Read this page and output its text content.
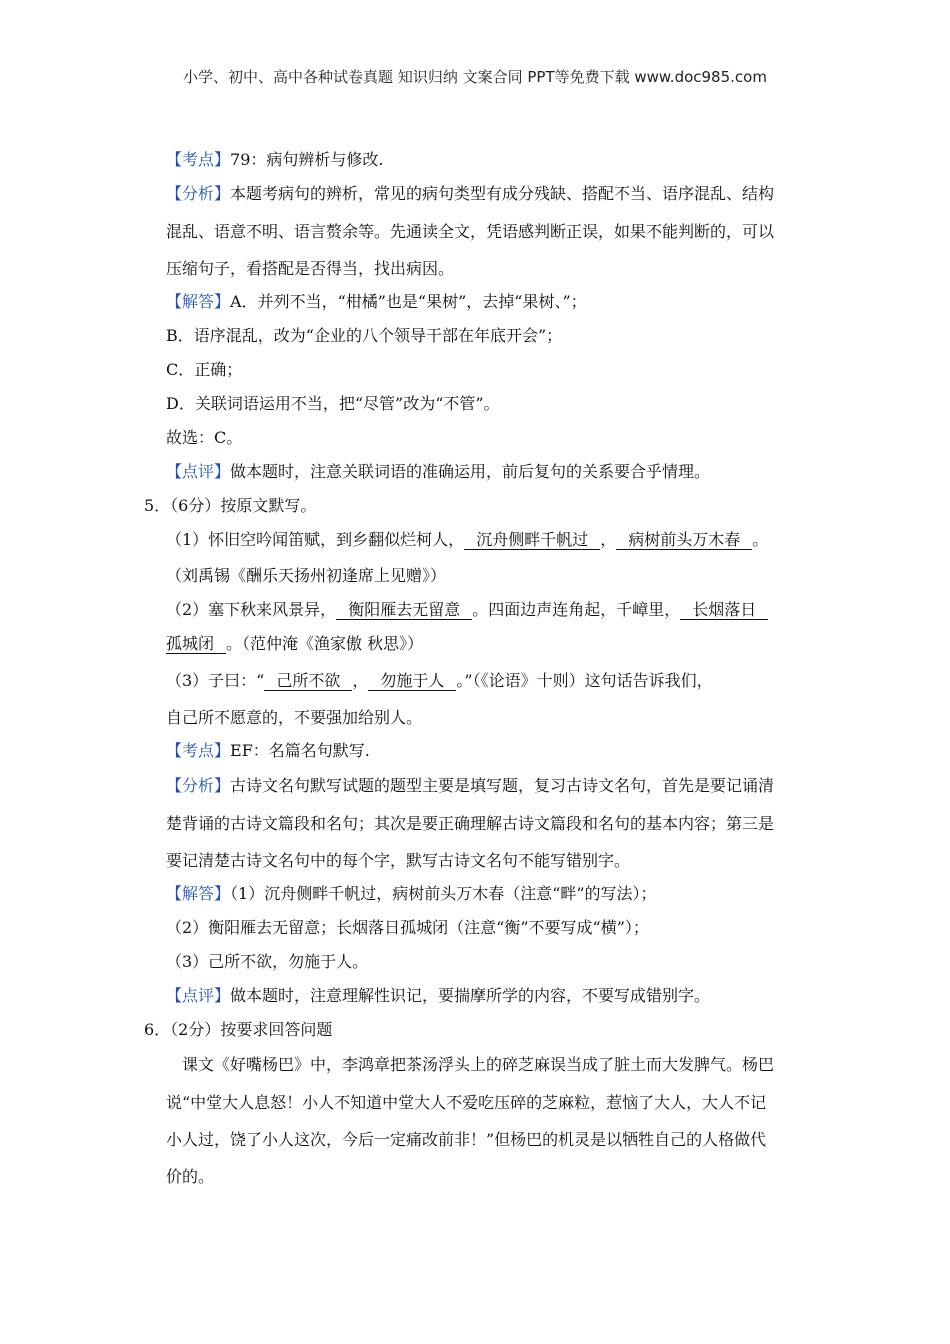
小学、初中、高中各种试卷真题 知识归纳 文案合同 PPT等免费下载 www.doc985.com
【考点】79：病句辨析与修改.
【分析】本题考病句的辨析，常见的病句类型有成分残缺、搭配不当、语序混乱、结构
混乱、语意不明、语言赘余等。先通读全文，凭语感判断正误，如果不能判断的，可以
压缩句子，看搭配是否得当，找出病因。
【解答】A．并列不当，“柑橘”也是“果树”，去掉“果树、”；
B．语序混乱，改为“企业的八个领导干部在年底开会”；
C．正确；
D．关联词语运用不当，把“尽管”改为“不管”。
故选：C。
【点评】做本题时，注意关联词语的准确运用，前后复句的关系要合乎情理。
5．（6分）按原文默写。
（1）怀旧空吟闻笛赋，到乡翻似烂柯人， 沉舟侧畔千帆过 ， 病树前头万木春 。
（刘禹锡《酬乐天扬州初逢席上见赠》）
（2）塞下秋来风景异， 衡阳雁去无留意 。四面边声连角起，千嶂里， 长烟落日
孤城闭 。（范仲淹《渔家傲 秋思》）
（3）子曰：“ 己所不欲 ， 勿施于人 。”（《论语》十则）这句话告诉我们，
自己所不愿意的，不要强加给别人。
【考点】EF：名篇名句默写.
【分析】古诗文名句默写试题的题型主要是填写题，复习古诗文名句，首先是要记诵清
楚背诵的古诗文篇段和名句；其次是要正确理解古诗文篇段和名句的基本内容；第三是
要记清楚古诗文名句中的每个字，默写古诗文名句不能写错别字。
【解答】（1）沉舟侧畔千帆过，病树前头万木春（注意“畔”的写法）；
（2）衡阳雁去无留意；长烟落日孤城闭（注意“衡”不要写成“横”）；
（3）己所不欲，勿施于人。
【点评】做本题时，注意理解性识记，要揣摩所学的内容，不要写成错别字。
6．（2分）按要求回答问题
课文《好嘴杨巴》中，李鸿章把茶汤浮头上的碎芝麻误当成了脏土而大发脾气。杨巴
说“中堂大人息怒！小人不知道中堂大人不爱吃压碎的芝麻粒，惹恼了大人，大人不记
小人过，饶了小人这次，今后一定痛改前非！”但杨巴的机灵是以牺牲自己的人格做代
价的。
